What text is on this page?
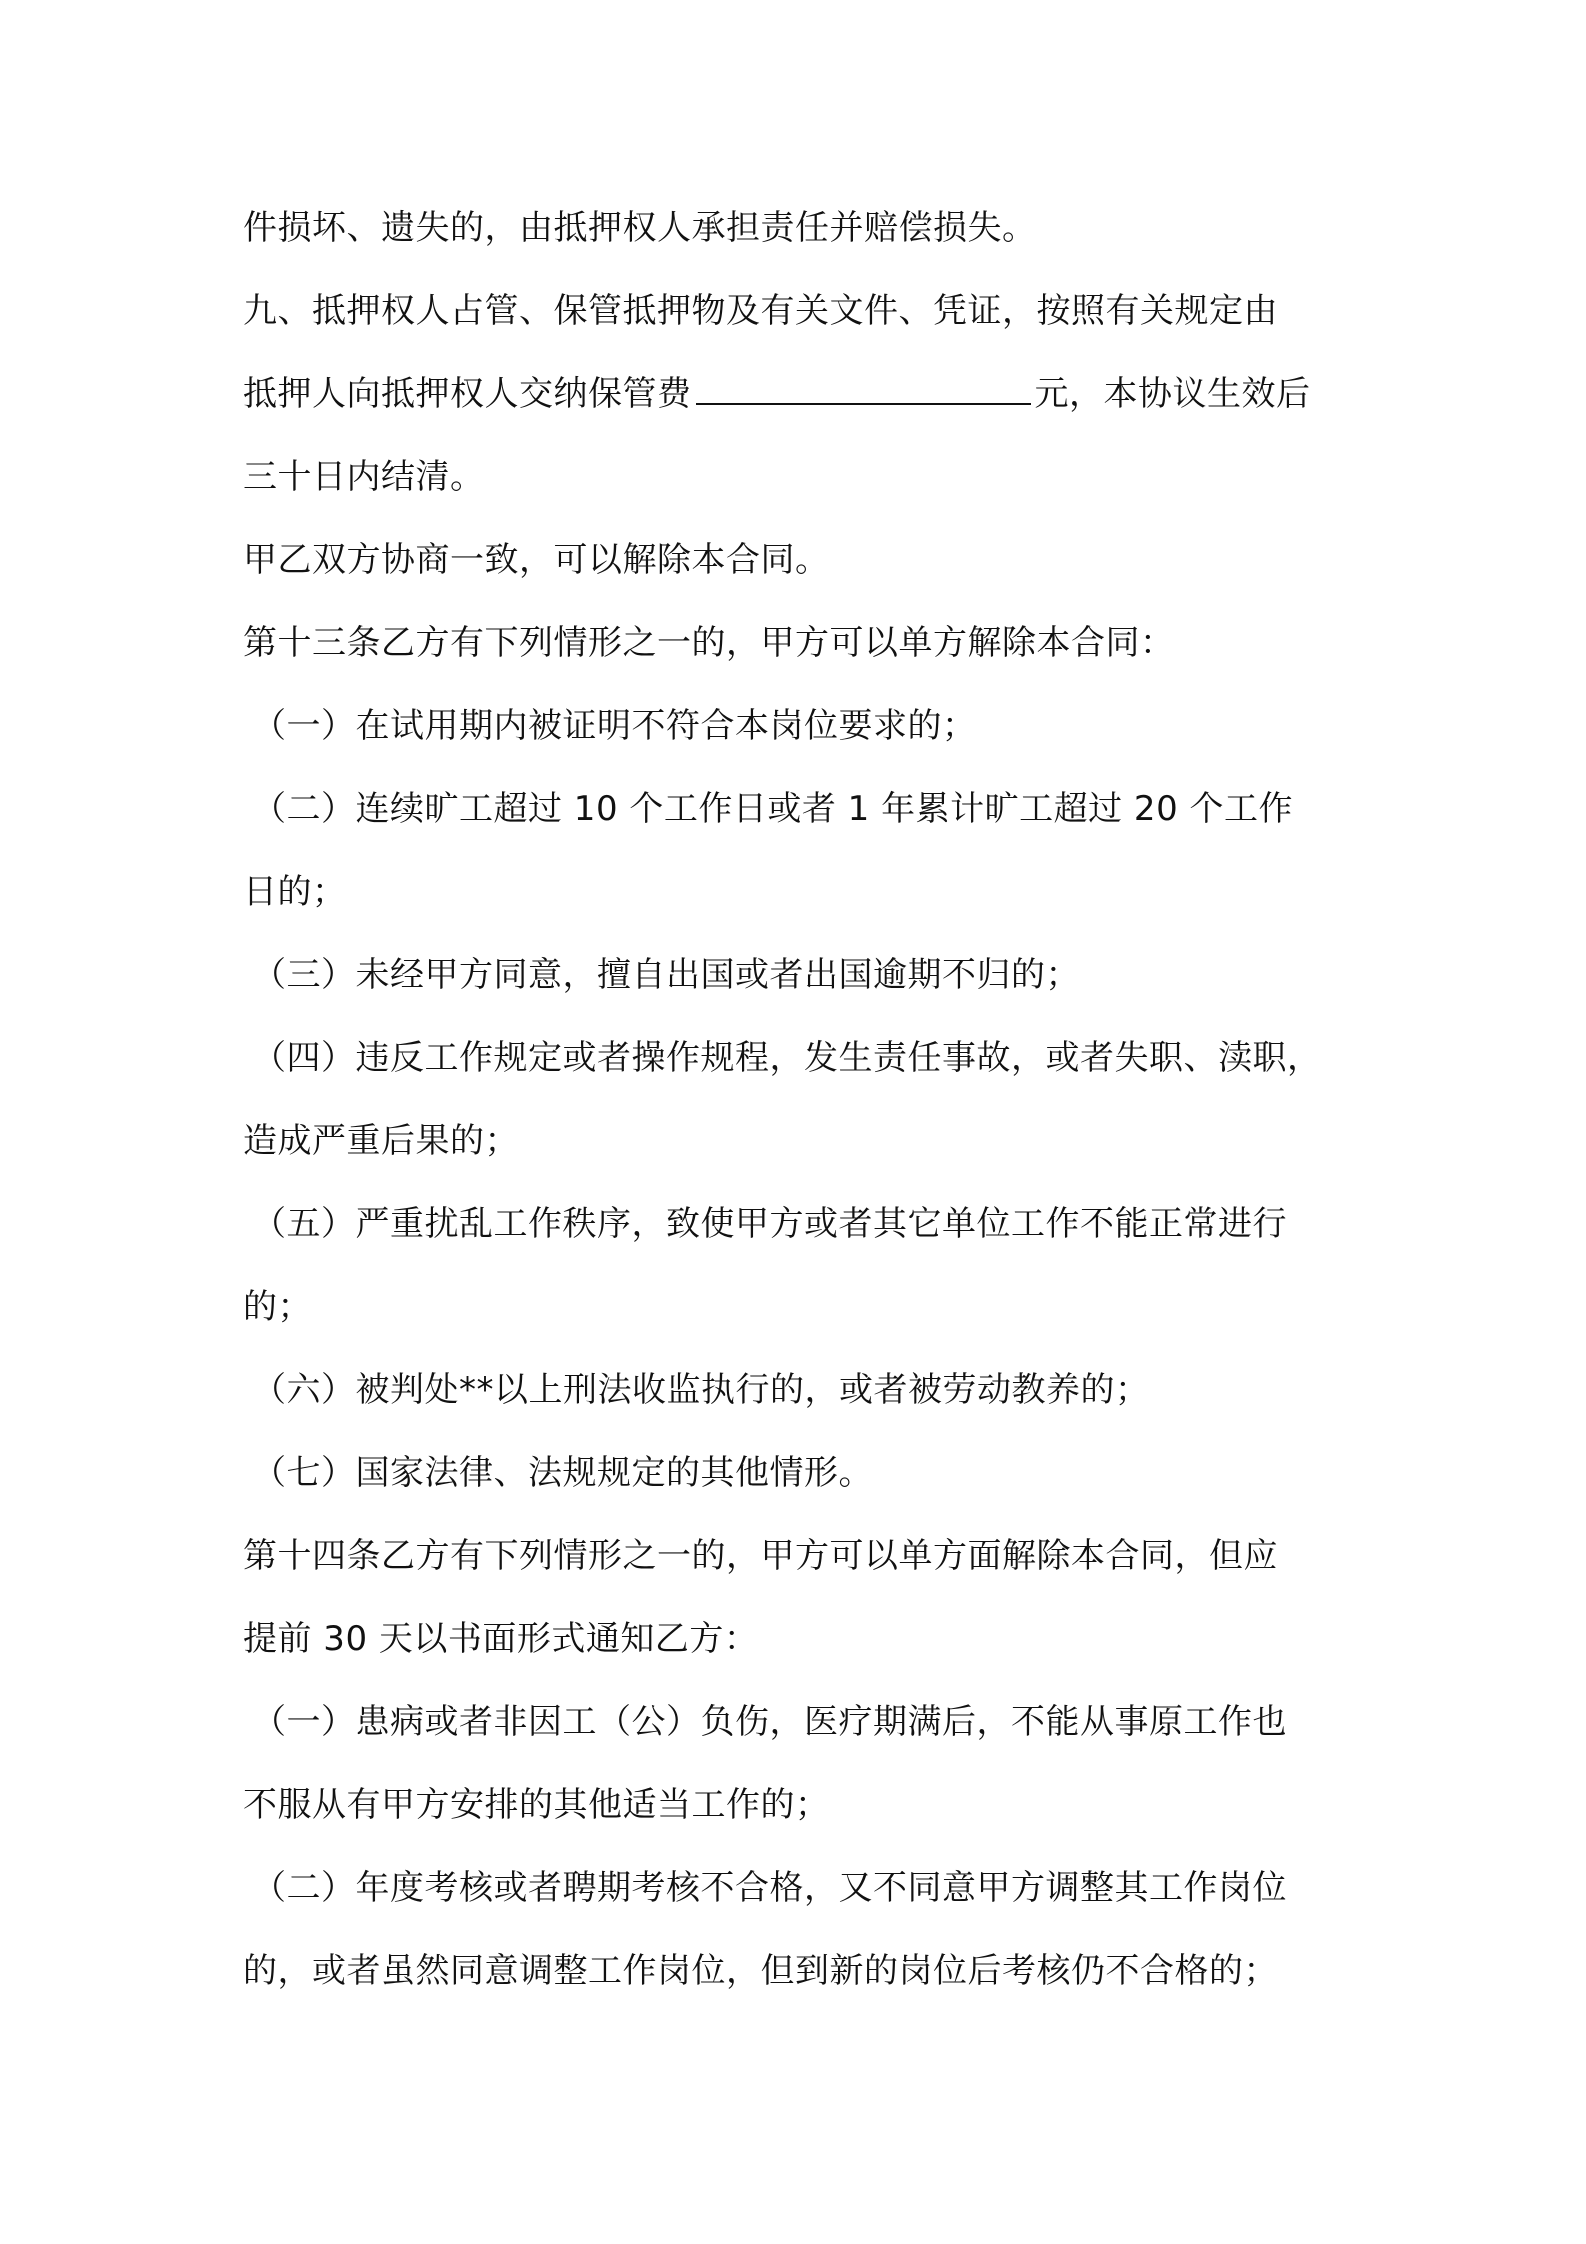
件损坏、遗失的，由抵押权人承担责任并赔偿损失。
九、抵押权人占管、保管抵押物及有关文件、凭证，按照有关规定由
抵押人向抵押权人交纳保管费	元，本协议生效后
三十日内结清。
甲乙双方协商一致，可以解除本合同。
第十三条乙方有下列情形之一的，甲方可以单方解除本合同：
（一）在试用期内被证明不符合本岗位要求的；
（二）连续旷工超过 10 个工作日或者 1 年累计旷工超过 20 个工作
日的；
（三）未经甲方同意，擅自出国或者出国逾期不归的；
（四）违反工作规定或者操作规程，发生责任事故，或者失职、渎职，
造成严重后果的；
（五）严重扰乱工作秩序，致使甲方或者其它单位工作不能正常进行
的；
（六）被判处**以上刑法收监执行的，或者被劳动教养的；
（七）国家法律、法规规定的其他情形。
第十四条乙方有下列情形之一的，甲方可以单方面解除本合同，但应
提前 30 天以书面形式通知乙方：
（一）患病或者非因工（公）负伤，医疗期满后，不能从事原工作也
不服从有甲方安排的其他适当工作的；
（二）年度考核或者聘期考核不合格，又不同意甲方调整其工作岗位
的，或者虽然同意调整工作岗位，但到新的岗位后考核仍不合格的；
